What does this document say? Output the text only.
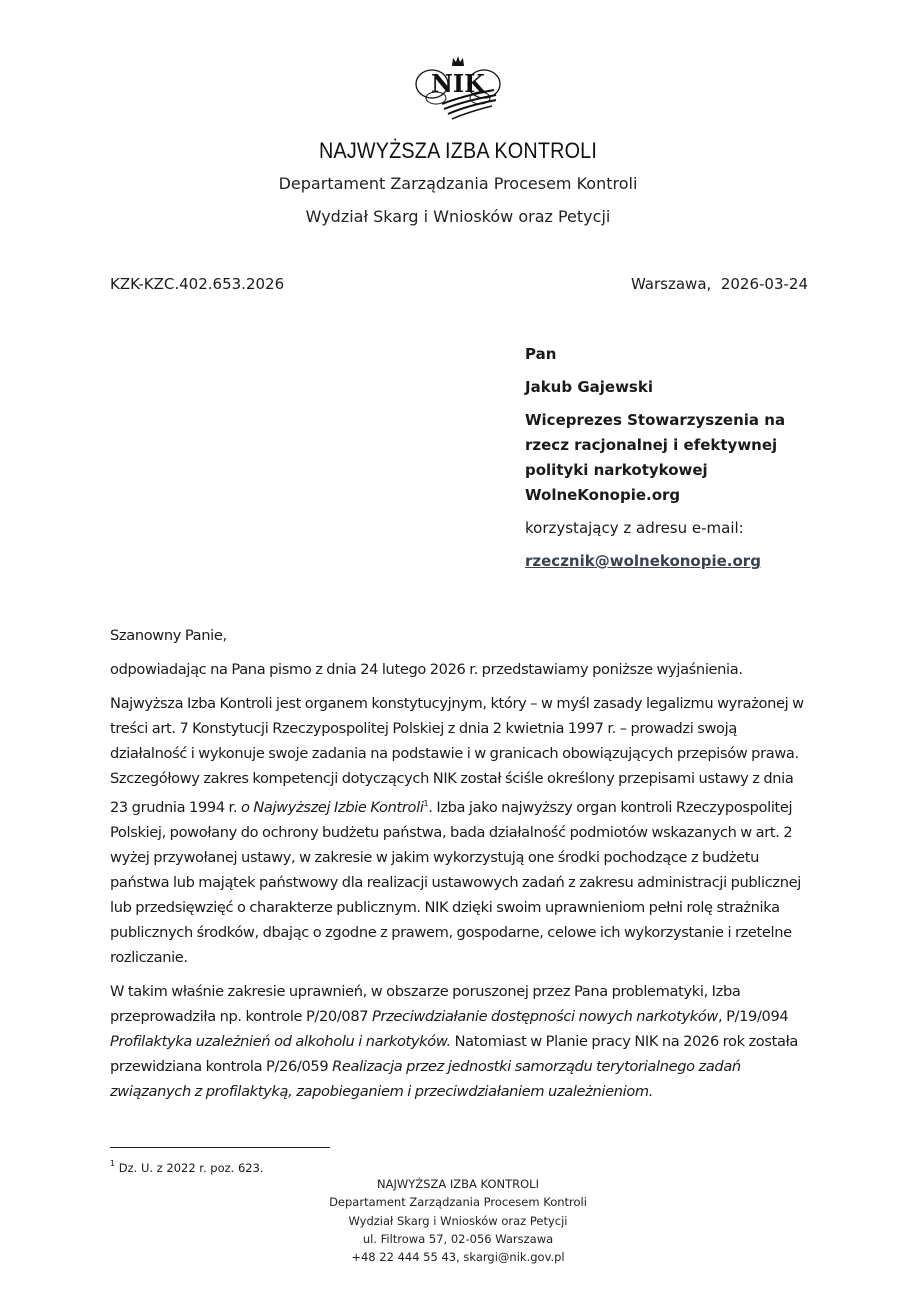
NIK
NAJWYŻSZA IZBA KONTROLI
Departament Zarządzania Procesem Kontroli
Wydział Skarg i Wniosków oraz Petycji
KZK-KZC.402.653.2026	Warszawa,  2026-03-24
Pan
Jakub Gajewski
Wiceprezes Stowarzyszenia na rzecz racjonalnej i efektywnej polityki narkotykowej WolneKonopie.org
korzystający z adresu e-mail:
rzecznik@wolnekonopie.org

Szanowny Panie,

odpowiadając na Pana pismo z dnia 24 lutego 2026 r. przedstawiamy poniższe wyjaśnienia.

Najwyższa Izba Kontroli jest organem konstytucyjnym, który – w myśl zasady legalizmu wyrażonej w treści art. 7 Konstytucji Rzeczypospolitej Polskiej z dnia 2 kwietnia 1997 r. – prowadzi swoją działalność i wykonuje swoje zadania na podstawie i w granicach obowiązujących przepisów prawa. Szczegółowy zakres kompetencji dotyczących NIK został ściśle określony przepisami ustawy z dnia 23 grudnia 1994 r. o Najwyższej Izbie Kontroli$^1$. Izba jako najwyższy organ kontroli Rzeczypospolitej Polskiej, powołany do ochrony budżetu państwa, bada działalność podmiotów wskazanych w art. 2 wyżej przywołanej ustawy, w zakresie w jakim wykorzystują one środki pochodzące z budżetu państwa lub majątek państwowy dla realizacji ustawowych zadań z zakresu administracji publicznej lub przedsięwzięć o charakterze publicznym. NIK dzięki swoim uprawnieniom pełni rolę strażnika publicznych środków, dbając o zgodne z prawem, gospodarne, celowe ich wykorzystanie i rzetelne rozliczanie.

W takim właśnie zakresie uprawnień, w obszarze poruszonej przez Pana problematyki, Izba przeprowadziła np. kontrole P/20/087 Przeciwdziałanie dostępności nowych narkotyków, P/19/094 Profilaktyka uzależnień od alkoholu i narkotyków. Natomiast w Planie pracy NIK na 2026 rok została przewidziana kontrola P/26/059 Realizacja przez jednostki samorządu terytorialnego zadań związanych z profilaktyką, zapobieganiem i przeciwdziałaniem uzależnieniom.

$^1$ Dz. U. z 2022 r. poz. 623.
NAJWYŻSZA IZBA KONTROLI
Departament Zarządzania Procesem Kontroli
Wydział Skarg i Wniosków oraz Petycji
ul. Filtrowa 57, 02-056 Warszawa
+48 22 444 55 43, skargi@nik.gov.pl
